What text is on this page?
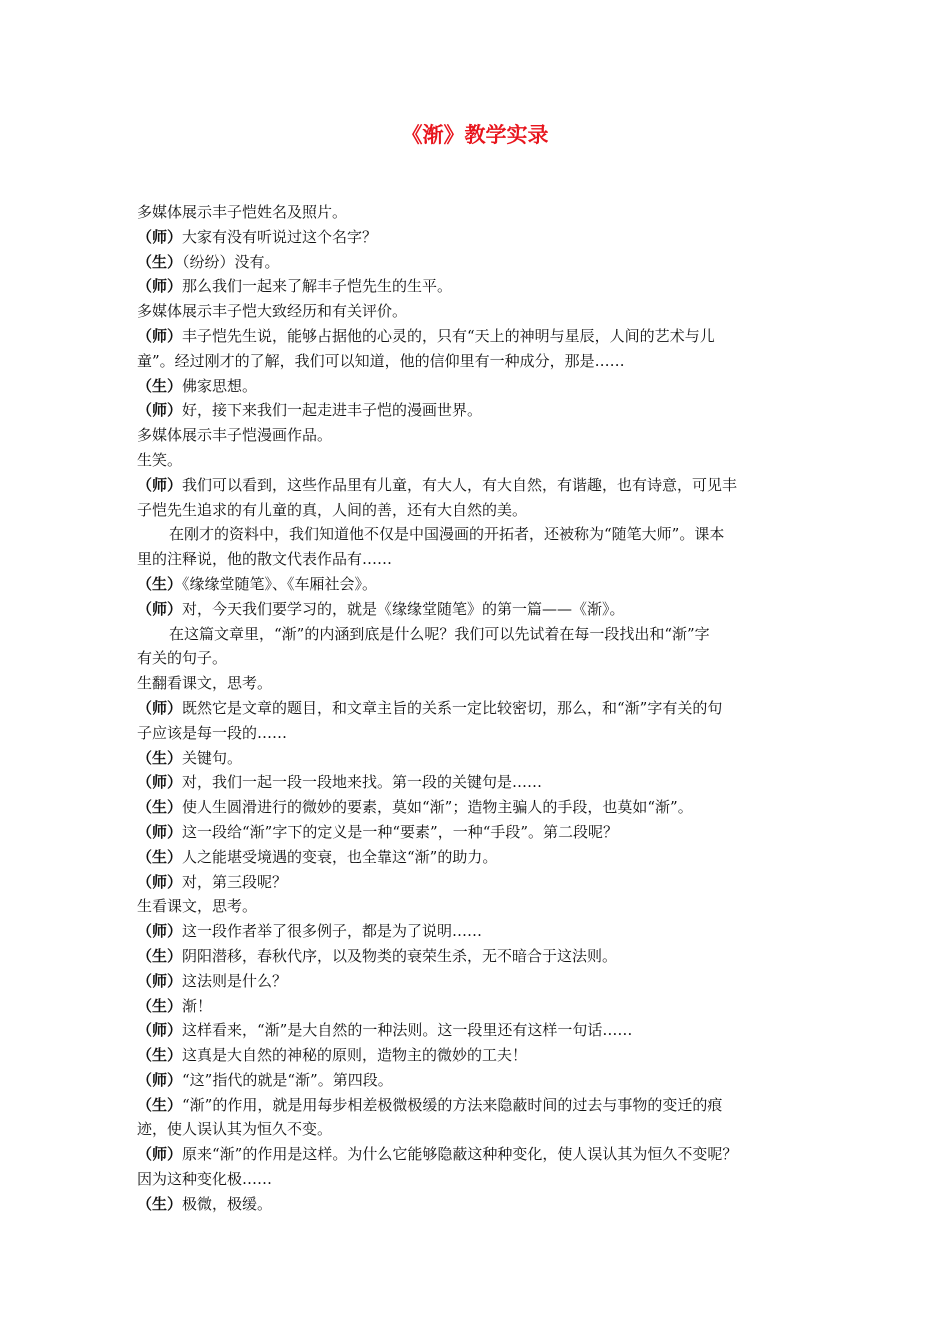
《渐》教学实录
多媒体展示丰子恺姓名及照片。
（师）大家有没有听说过这个名字？
（生）（纷纷）没有。
（师）那么我们一起来了解丰子恺先生的生平。
多媒体展示丰子恺大致经历和有关评价。
（师）丰子恺先生说，能够占据他的心灵的，只有“天上的神明与星辰，人间的艺术与儿
童”。经过刚才的了解，我们可以知道，他的信仰里有一种成分，那是……
（生）佛家思想。
（师）好，接下来我们一起走进丰子恺的漫画世界。
多媒体展示丰子恺漫画作品。
生笑。
（师）我们可以看到，这些作品里有儿童，有大人，有大自然，有谐趣，也有诗意，可见丰
子恺先生追求的有儿童的真，人间的善，还有大自然的美。
在刚才的资料中，我们知道他不仅是中国漫画的开拓者，还被称为“随笔大师”。课本
里的注释说，他的散文代表作品有……
（生）《缘缘堂随笔》、《车厢社会》。
（师）对，今天我们要学习的，就是《缘缘堂随笔》的第一篇——《渐》。
在这篇文章里，“渐”的内涵到底是什么呢？我们可以先试着在每一段找出和“渐”字
有关的句子。
生翻看课文，思考。
（师）既然它是文章的题目，和文章主旨的关系一定比较密切，那么，和“渐”字有关的句
子应该是每一段的……
（生）关键句。
（师）对，我们一起一段一段地来找。第一段的关键句是……
（生）使人生圆滑进行的微妙的要素，莫如“渐”；造物主骗人的手段，也莫如“渐”。
（师）这一段给“渐”字下的定义是一种“要素”，一种“手段”。第二段呢？
（生）人之能堪受境遇的变衰，也全靠这“渐”的助力。
（师）对，第三段呢？
生看课文，思考。
（师）这一段作者举了很多例子，都是为了说明……
（生）阴阳潜移，春秋代序，以及物类的衰荣生杀，无不暗合于这法则。
（师）这法则是什么？
（生）渐！
（师）这样看来，“渐”是大自然的一种法则。这一段里还有这样一句话……
（生）这真是大自然的神秘的原则，造物主的微妙的工夫！
（师）“这”指代的就是“渐”。第四段。
（生）“渐”的作用，就是用每步相差极微极缓的方法来隐蔽时间的过去与事物的变迁的痕
迹，使人误认其为恒久不变。
（师）原来“渐”的作用是这样。为什么它能够隐蔽这种种变化，使人误认其为恒久不变呢？
因为这种变化极……
（生）极微，极缓。
